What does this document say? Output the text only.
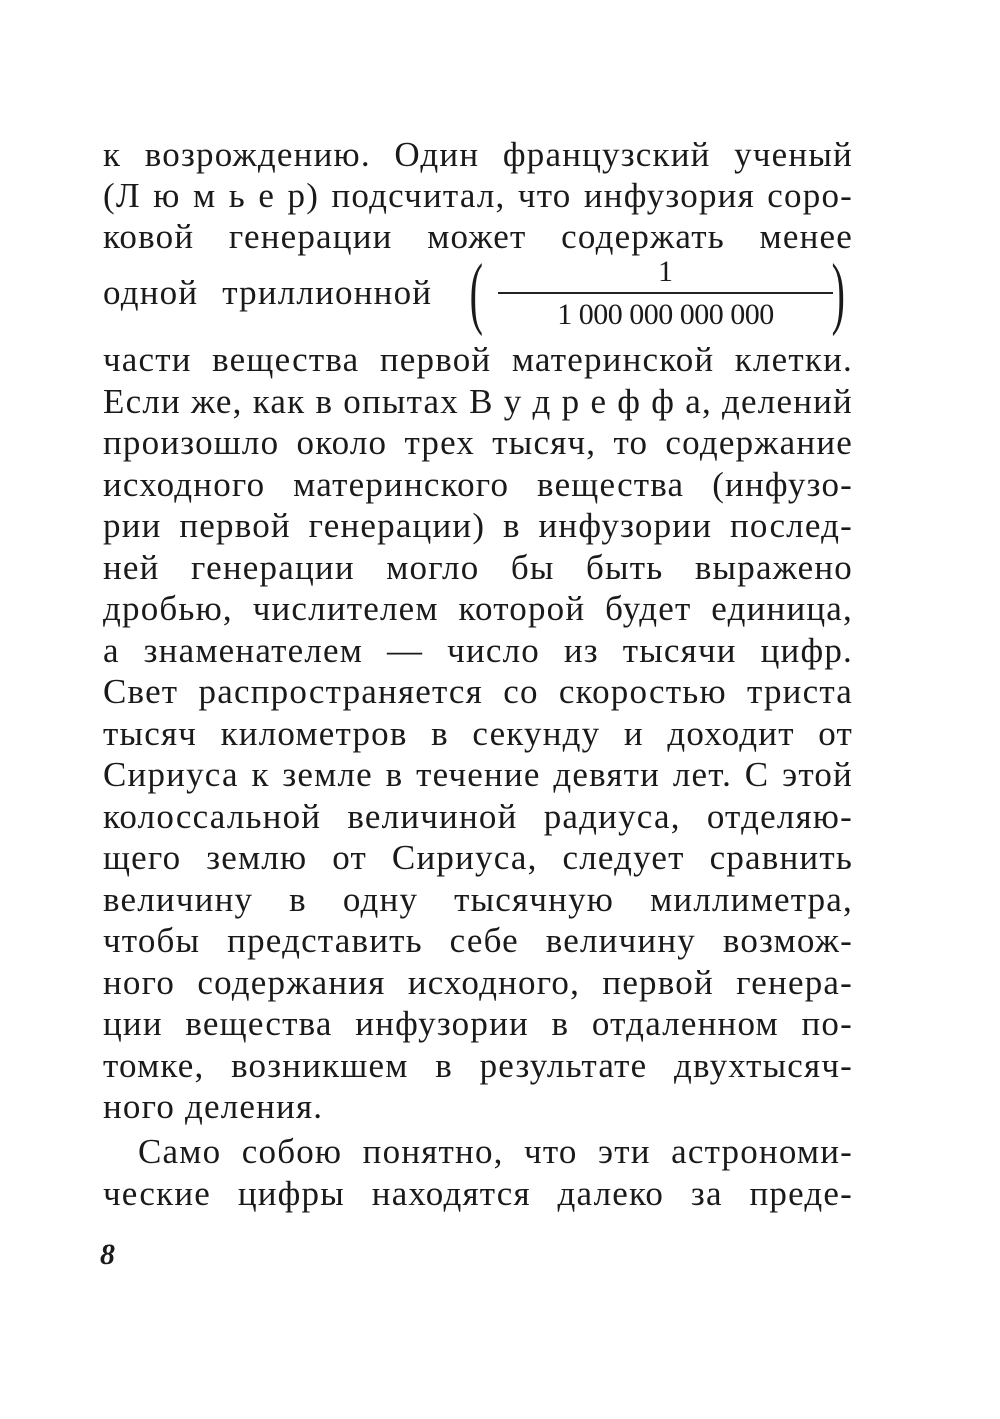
к возрождению. Один французский ученый
(Л ю м ь е р) подсчитал, что инфузория соро-
ковой генерации может содержать менее
части вещества первой материнской клетки.
Если же, как в опытах В у д р е ф ф а, делений
произошло около трех тысяч, то содержание
исходного материнского вещества (инфузо-
рии первой генерации) в инфузории послед-
ней генерации могло бы быть выражено
дробью, числителем которой будет единица,
а знаменателем — число из тысячи цифр.
Свет распространяется со скоростью триста
тысяч километров в секунду и доходит от
Сириуса к земле в течение девяти лет. С этой
колоссальной величиной радиуса, отделяю-
щего землю от Сириуса, следует сравнить
величину в одну тысячную миллиметра,
чтобы представить себе величину возмож-
ного содержания исходного, первой генера-
ции вещества инфузории в отдаленном по-
томке, возникшем в результате двухтысяч-
ного деления.
Само собою понятно, что эти астрономи-
ческие цифры находятся далеко за преде-
одной триллионной (	1
1 000 000 000 000 )
8
